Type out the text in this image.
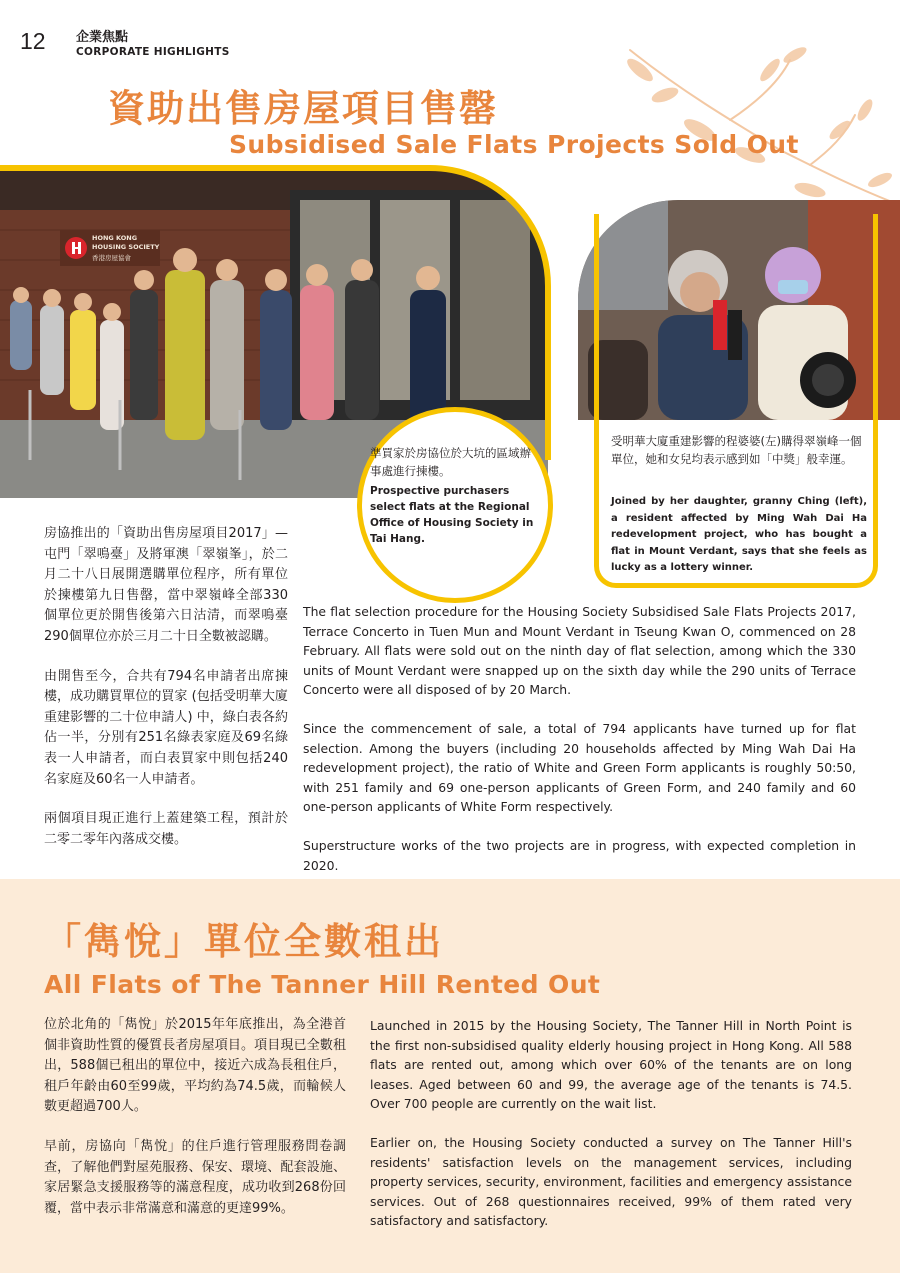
12 企業焦點
CORPORATE HIGHLIGHTS
資助出售房屋項目售罄
Subsidised Sale Flats Projects Sold Out
HONG KONG
HOUSING SOCIETY
香港房屋協會
準買家於房協位於大坑的區域辦事處進行揀樓。
Prospective purchasers select flats at the Regional Office of Housing Society in Tai Hang.
受明華大廈重建影響的程婆婆(左)購得翠嶺峰一個單位，她和女兒均表示感到如「中獎」般幸運。
Joined by her daughter, granny Ching (left), a resident affected by Ming Wah Dai Ha redevelopment project, who has bought a flat in Mount Verdant, says that she feels as lucky as a lottery winner.

房協推出的「資助出售房屋項目2017」— 屯門「翠鳴臺」及將軍澳「翠嶺峯」，於二月二十八日展開選購單位程序，所有單位於揀樓第九日售罄，當中翠嶺峰全部330個單位更於開售後第六日沽清，而翠鳴臺290個單位亦於三月二十日全數被認購。

由開售至今，合共有794名申請者出席揀樓，成功購買單位的買家 (包括受明華大廈重建影響的二十位申請人) 中，綠白表各約佔一半，分別有251名綠表家庭及69名綠表一人申請者，而白表買家中則包括240名家庭及60名一人申請者。

兩個項目現正進行上蓋建築工程，預計於二零二零年內落成交樓。

The flat selection procedure for the Housing Society Subsidised Sale Flats Projects 2017, Terrace Concerto in Tuen Mun and Mount Verdant in Tseung Kwan O, commenced on 28 February. All flats were sold out on the ninth day of flat selection, among which the 330 units of Mount Verdant were snapped up on the sixth day while the 290 units of Terrace Concerto were all disposed of by 20 March.

Since the commencement of sale, a total of 794 applicants have turned up for flat selection. Among the buyers (including 20 households affected by Ming Wah Dai Ha redevelopment project), the ratio of White and Green Form applicants is roughly 50:50, with 251 family and 69 one-person applicants of Green Form, and 240 family and 60 one-person applicants of White Form respectively.

Superstructure works of the two projects are in progress, with expected completion in 2020.

「雋悅」單位全數租出
All Flats of The Tanner Hill Rented Out

位於北角的「雋悅」於2015年年底推出，為全港首個非資助性質的優質長者房屋項目。項目現已全數租出，588個已租出的單位中，接近六成為長租住戶，租戶年齡由60至99歲，平均約為74.5歲，而輪候人數更超過700人。

早前，房協向「雋悅」的住戶進行管理服務問卷調查，了解他們對屋苑服務、保安、環境、配套設施、家居緊急支援服務等的滿意程度，成功收到268份回覆，當中表示非常滿意和滿意的更達99%。

Launched in 2015 by the Housing Society, The Tanner Hill in North Point is the first non-subsidised quality elderly housing project in Hong Kong. All 588 flats are rented out, among which over 60% of the tenants are on long leases. Aged between 60 and 99, the average age of the tenants is 74.5. Over 700 people are currently on the wait list.

Earlier on, the Housing Society conducted a survey on The Tanner Hill's residents' satisfaction levels on the management services, including property services, security, environment, facilities and emergency assistance services. Out of 268 questionnaires received, 99% of them rated very satisfactory and satisfactory.
